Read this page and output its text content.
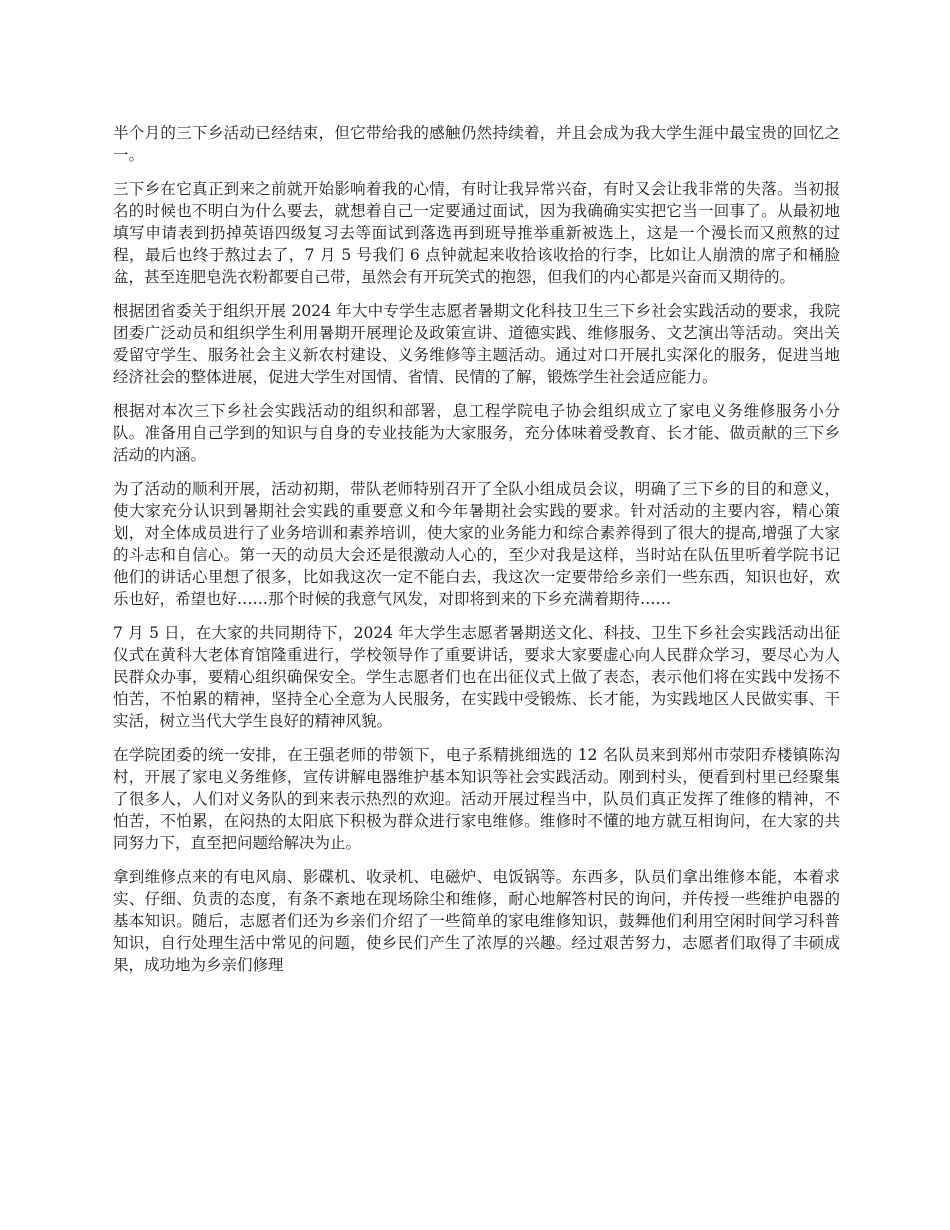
半个月的三下乡活动已经结束，但它带给我的感触仍然持续着，并且会成为我大学生涯中最宝贵的回忆之一。

三下乡在它真正到来之前就开始影响着我的心情，有时让我异常兴奋，有时又会让我非常的失落。当初报名的时候也不明白为什么要去，就想着自己一定要通过面试，因为我确确实实把它当一回事了。从最初地填写申请表到扔掉英语四级复习去等面试到落选再到班导推举重新被选上，这是一个漫长而又煎熬的过程，最后也终于熬过去了，7 月 5 号我们 6 点钟就起来收拾该收拾的行李，比如让人崩溃的席子和桶脸盆，甚至连肥皂洗衣粉都要自己带，虽然会有开玩笑式的抱怨，但我们的内心都是兴奋而又期待的。

根据团省委关于组织开展 2024 年大中专学生志愿者暑期文化科技卫生三下乡社会实践活动的要求，我院团委广泛动员和组织学生利用暑期开展理论及政策宣讲、道德实践、维修服务、文艺演出等活动。突出关爱留守学生、服务社会主义新农村建设、义务维修等主题活动。通过对口开展扎实深化的服务，促进当地经济社会的整体进展，促进大学生对国情、省情、民情的了解，锻炼学生社会适应能力。

根据对本次三下乡社会实践活动的组织和部署，息工程学院电子协会组织成立了家电义务维修服务小分队。准备用自己学到的知识与自身的专业技能为大家服务，充分体味着受教育、长才能、做贡献的三下乡活动的内涵。

为了活动的顺利开展，活动初期，带队老师特别召开了全队小组成员会议，明确了三下乡的目的和意义，使大家充分认识到暑期社会实践的重要意义和今年暑期社会实践的要求。针对活动的主要内容，精心策划，对全体成员进行了业务培训和素养培训，使大家的业务能力和综合素养得到了很大的提高,增强了大家的斗志和自信心。第一天的动员大会还是很激动人心的，至少对我是这样，当时站在队伍里听着学院书记他们的讲话心里想了很多，比如我这次一定不能白去，我这次一定要带给乡亲们一些东西，知识也好，欢乐也好，希望也好……那个时候的我意气风发，对即将到来的下乡充满着期待……

7 月 5 日，在大家的共同期待下，2024 年大学生志愿者暑期送文化、科技、卫生下乡社会实践活动出征仪式在黄科大老体育馆隆重进行，学校领导作了重要讲话，要求大家要虚心向人民群众学习，要尽心为人民群众办事，要精心组织确保安全。学生志愿者们也在出征仪式上做了表态，表示他们将在实践中发扬不怕苦，不怕累的精神，坚持全心全意为人民服务，在实践中受锻炼、长才能，为实践地区人民做实事、干实活，树立当代大学生良好的精神风貌。

在学院团委的统一安排，在王强老师的带领下，电子系精挑细选的 12 名队员来到郑州市荥阳乔楼镇陈沟村，开展了家电义务维修，宣传讲解电器维护基本知识等社会实践活动。刚到村头，便看到村里已经聚集了很多人，人们对义务队的到来表示热烈的欢迎。活动开展过程当中，队员们真正发挥了维修的精神，不怕苦，不怕累，在闷热的太阳底下积极为群众进行家电维修。维修时不懂的地方就互相询问，在大家的共同努力下，直至把问题给解决为止。

拿到维修点来的有电风扇、影碟机、收录机、电磁炉、电饭锅等。东西多，队员们拿出维修本能，本着求实、仔细、负责的态度，有条不紊地在现场除尘和维修，耐心地解答村民的询问，并传授一些维护电器的基本知识。随后，志愿者们还为乡亲们介绍了一些简单的家电维修知识，鼓舞他们利用空闲时间学习科普知识，自行处理生活中常见的问题，使乡民们产生了浓厚的兴趣。经过艰苦努力，志愿者们取得了丰硕成果，成功地为乡亲们修理
